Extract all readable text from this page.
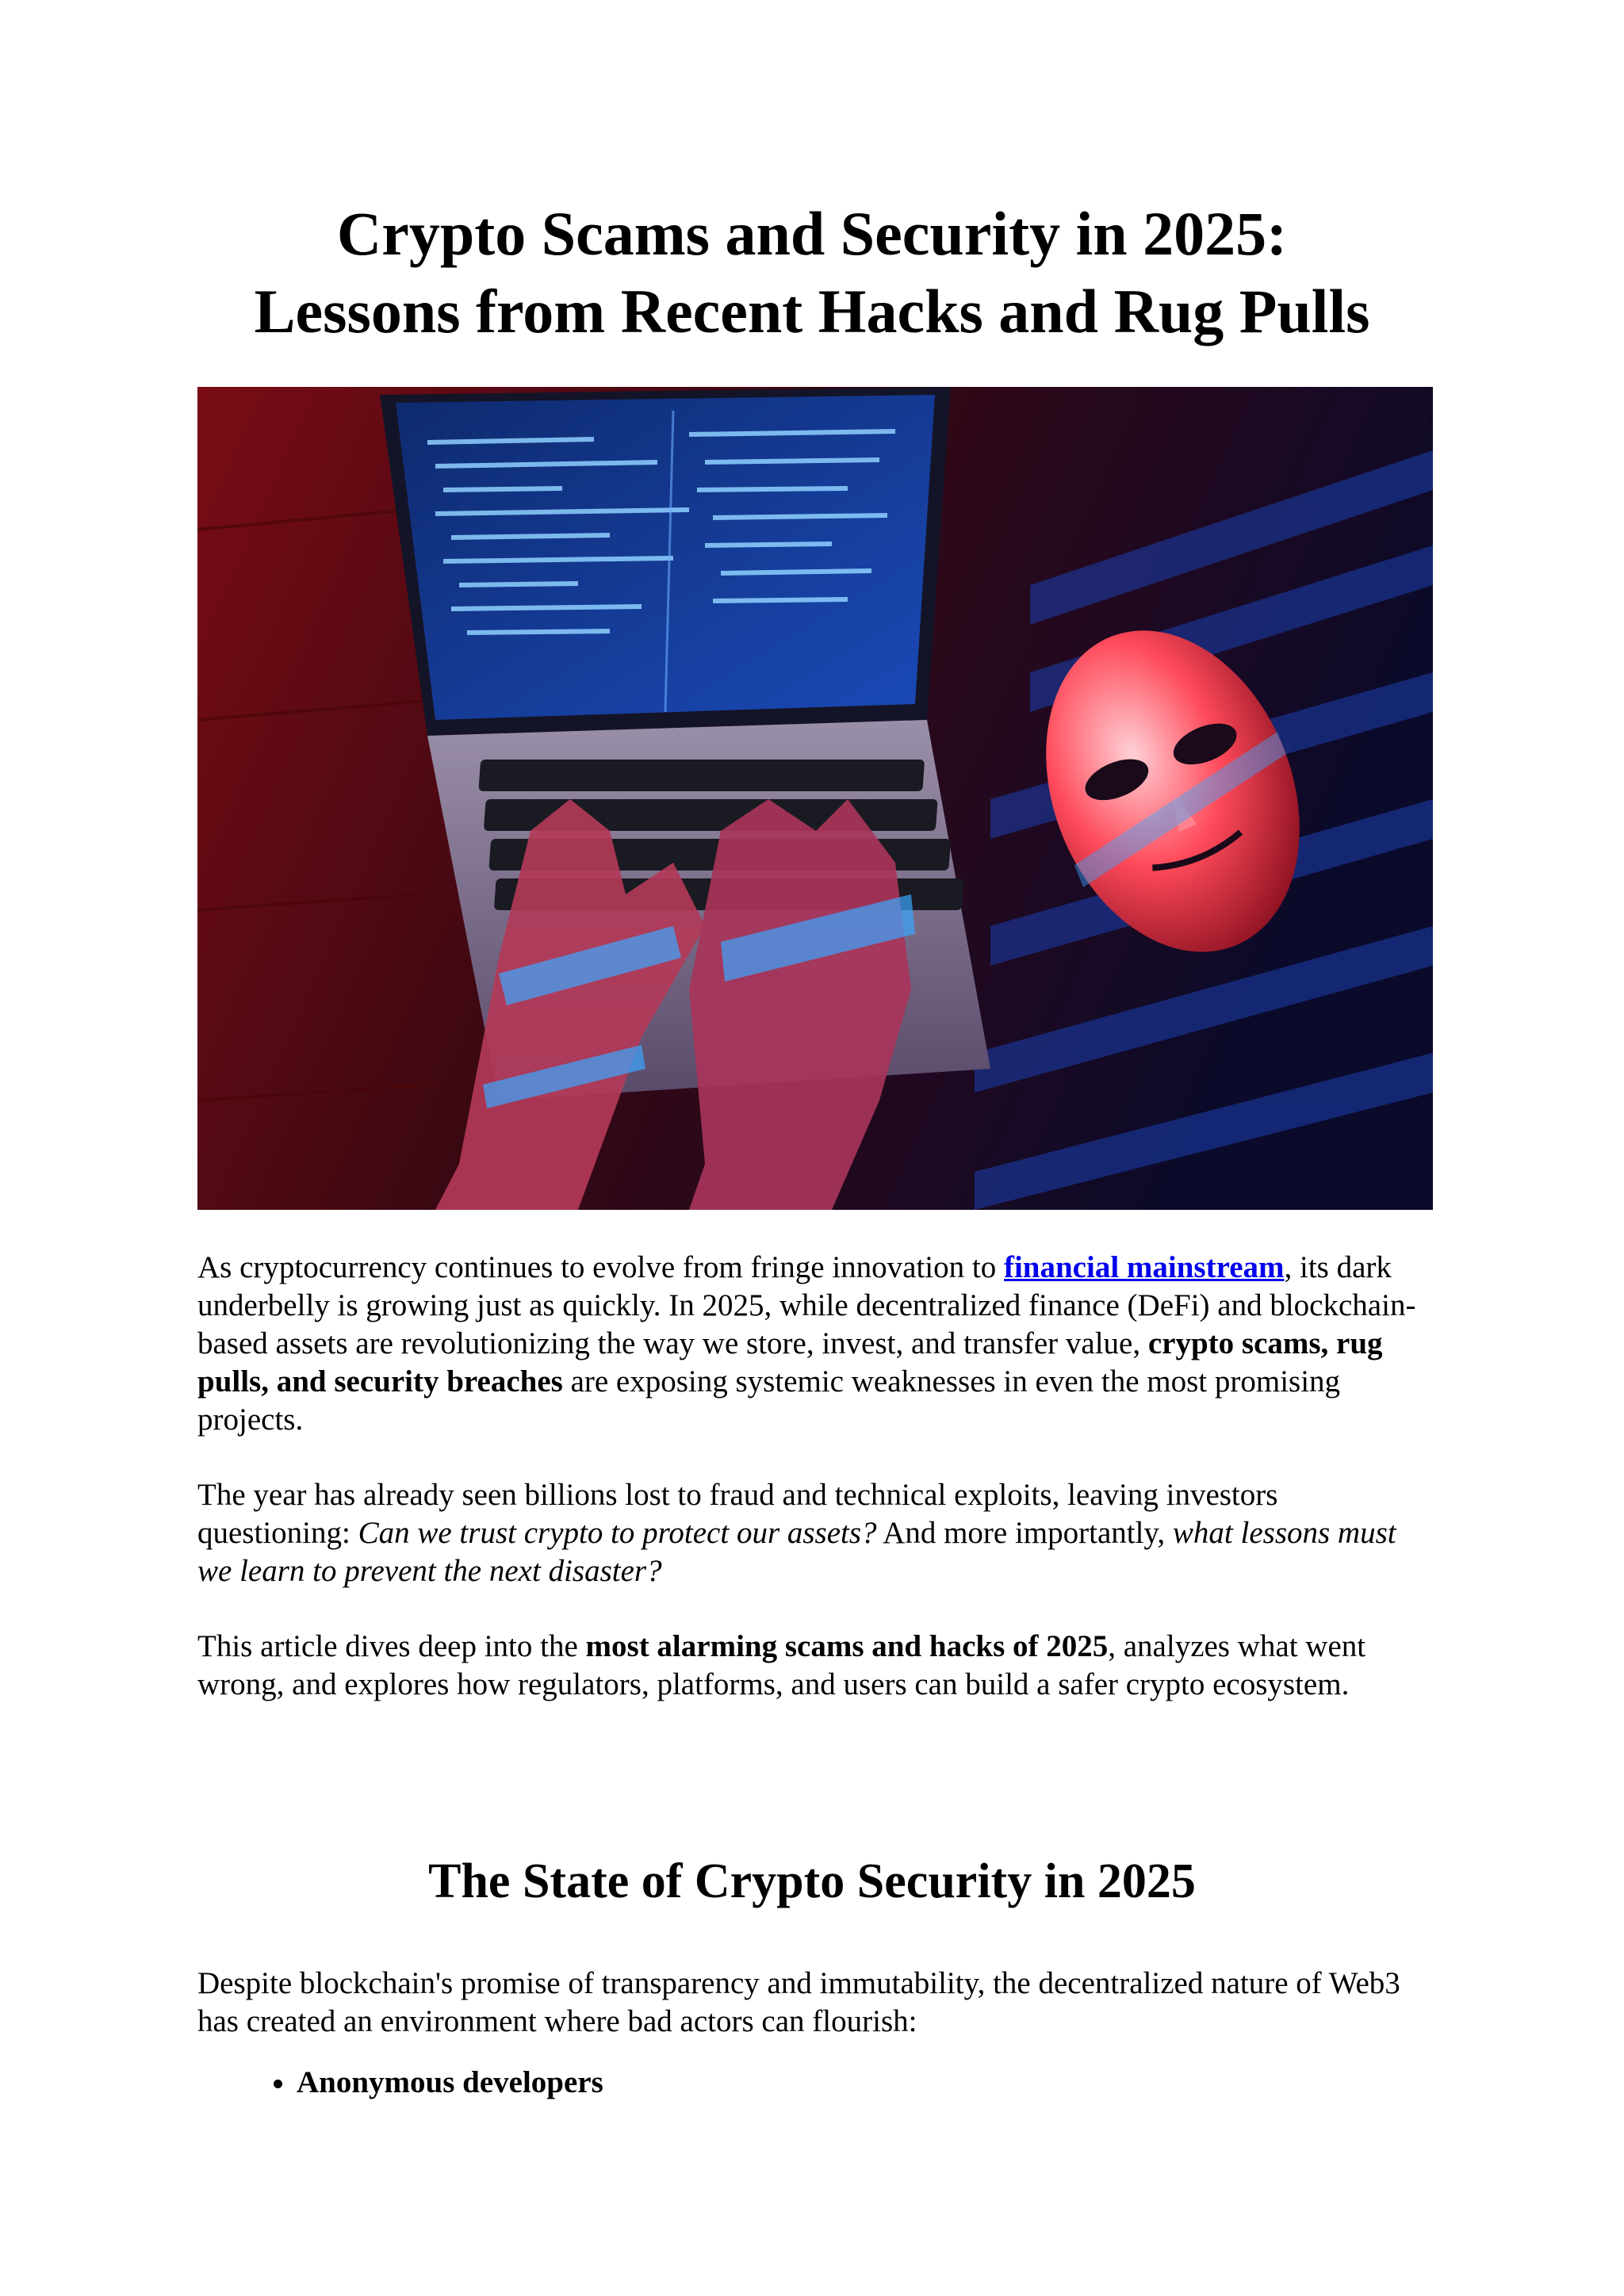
Crypto Scams and Security in 2025:
Lessons from Recent Hacks and Rug Pulls

As cryptocurrency continues to evolve from fringe innovation to financial mainstream, its dark underbelly is growing just as quickly. In 2025, while decentralized finance (DeFi) and blockchain-based assets are revolutionizing the way we store, invest, and transfer value, crypto scams, rug pulls, and security breaches are exposing systemic weaknesses in even the most promising projects.

The year has already seen billions lost to fraud and technical exploits, leaving investors questioning: Can we trust crypto to protect our assets? And more importantly, what lessons must we learn to prevent the next disaster?

This article dives deep into the most alarming scams and hacks of 2025, analyzes what went wrong, and explores how regulators, platforms, and users can build a safer crypto ecosystem.

The State of Crypto Security in 2025

Despite blockchain's promise of transparency and immutability, the decentralized nature of Web3 has created an environment where bad actors can flourish:

• Anonymous developers
